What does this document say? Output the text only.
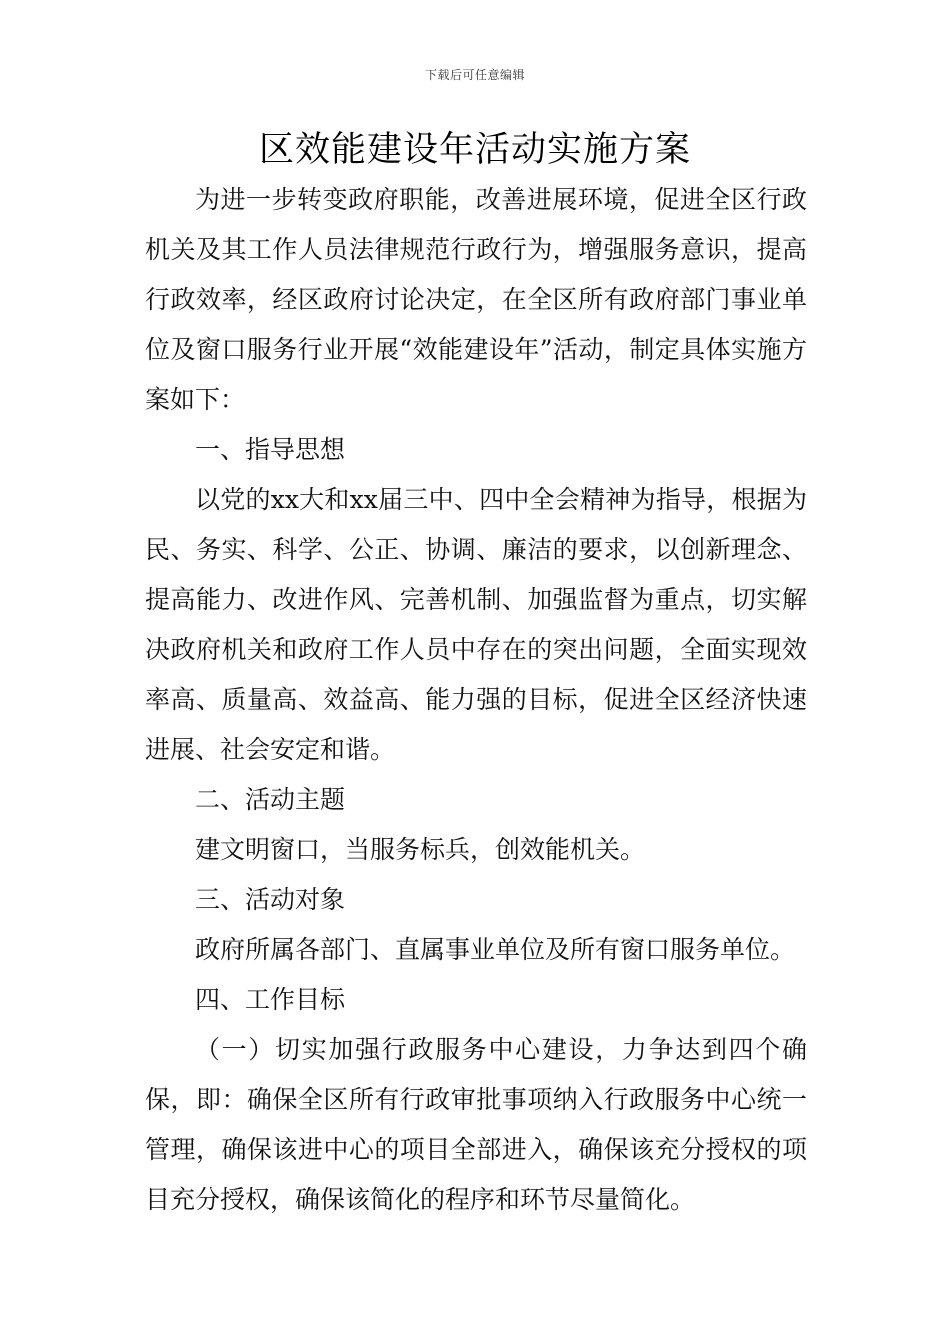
下载后可任意编辑
区效能建设年活动实施方案

为进一步转变政府职能，改善进展环境，促进全区行政机关及其工作人员法律规范行政行为，增强服务意识，提高行政效率，经区政府讨论决定，在全区所有政府部门事业单位及窗口服务行业开展“效能建设年”活动，制定具体实施方案如下：

一、指导思想

以党的xx大和xx届三中、四中全会精神为指导，根据为民、务实、科学、公正、协调、廉洁的要求，以创新理念、提高能力、改进作风、完善机制、加强监督为重点，切实解决政府机关和政府工作人员中存在的突出问题，全面实现效率高、质量高、效益高、能力强的目标，促进全区经济快速进展、社会安定和谐。

二、活动主题

建文明窗口，当服务标兵，创效能机关。

三、活动对象

政府所属各部门、直属事业单位及所有窗口服务单位。

四、工作目标

（一）切实加强行政服务中心建设，力争达到四个确保，即：确保全区所有行政审批事项纳入行政服务中心统一管理，确保该进中心的项目全部进入，确保该充分授权的项目充分授权，确保该简化的程序和环节尽量简化。
